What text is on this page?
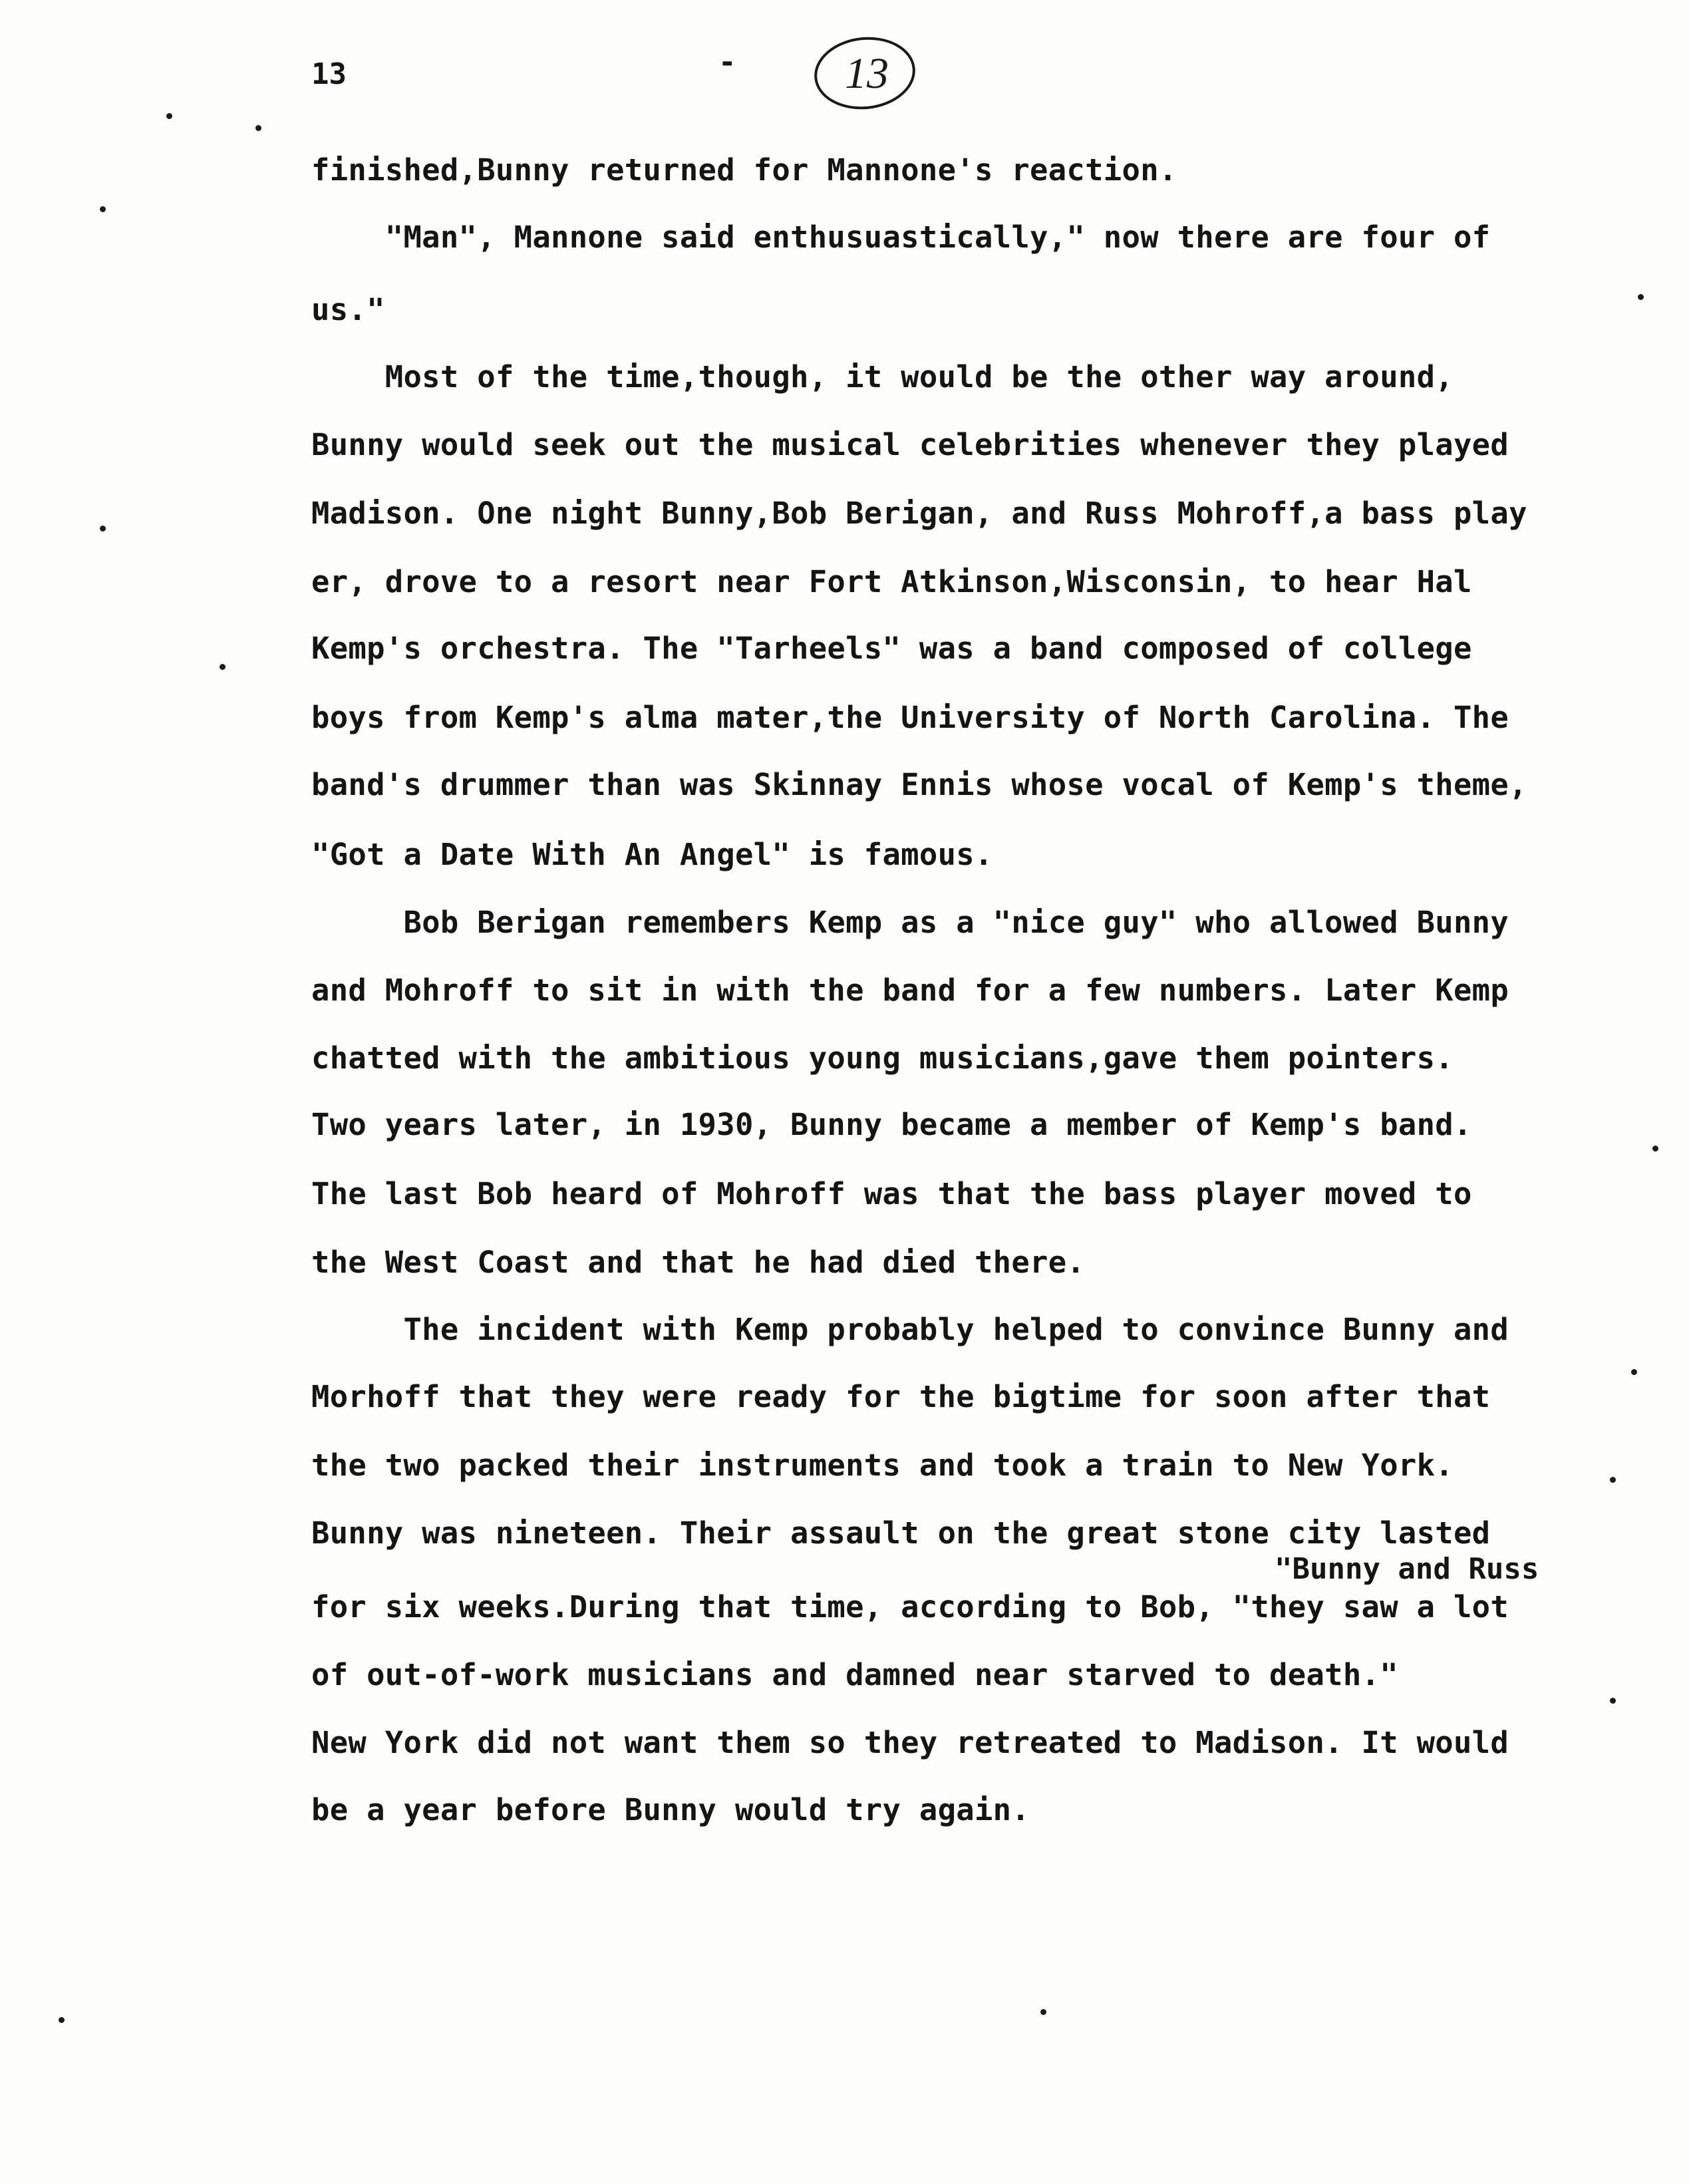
13	- 13
finished,Bunny returned for Mannone's reaction.
"Man", Mannone said enthusuastically," now there are four of
us."
Most of the time,though, it would be the other way around,
Bunny would seek out the musical celebrities whenever they played
Madison. One night Bunny,Bob Berigan, and Russ Mohroff,a bass play
er, drove to a resort near Fort Atkinson,Wisconsin, to hear Hal
Kemp's orchestra. The "Tarheels" was a band composed of college
boys from Kemp's alma mater,the University of North Carolina. The
band's drummer than was Skinnay Ennis whose vocal of Kemp's theme,
"Got a Date With An Angel" is famous.
Bob Berigan remembers Kemp as a "nice guy" who allowed Bunny
and Mohroff to sit in with the band for a few numbers. Later Kemp
chatted with the ambitious young musicians,gave them pointers.
Two years later, in 1930, Bunny became a member of Kemp's band.
The last Bob heard of Mohroff was that the bass player moved to
the West Coast and that he had died there.
The incident with Kemp probably helped to convince Bunny and
Morhoff that they were ready for the bigtime for soon after that
the two packed their instruments and took a train to New York.
Bunny was nineteen. Their assault on the great stone city lasted
"Bunny and Russ
for six weeks.During that time, according to Bob, "they saw a lot
of out-of-work musicians and damned near starved to death."
New York did not want them so they retreated to Madison. It would
be a year before Bunny would try again.
